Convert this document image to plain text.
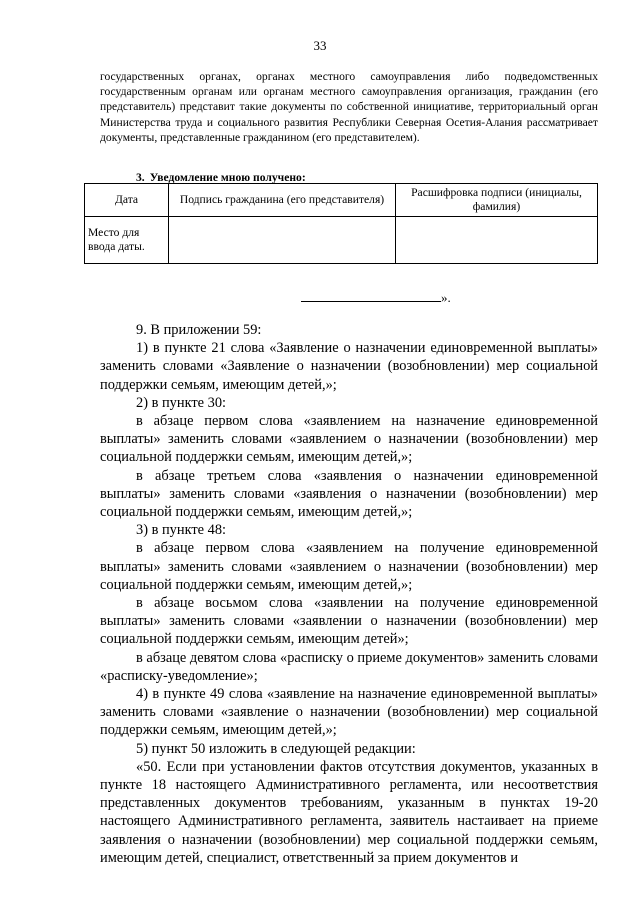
33
государственных органах, органах местного самоуправления либо подведомственных государственным органам или органам местного самоуправления организация, гражданин (его представитель) представит такие документы по собственной инициативе, территориальный орган Министерства труда и социального развития Республики Северная Осетия-Алания рассматривает документы, представленные гражданином (его представителем).
3. Уведомление мною получено:
Дата	Подпись гражданина (его представителя)	Расшифровка подписи (инициалы, фамилия)
Место для ввода даты.		
».

9. В приложении 59:

1) в пункте 21 слова «Заявление о назначении единовременной выплаты» заменить словами «Заявление о назначении (возобновлении) мер социальной поддержки семьям, имеющим детей,»;

2) в пункте 30:

в абзаце первом слова «заявлением на назначение единовременной выплаты» заменить словами «заявлением о назначении (возобновлении) мер социальной поддержки семьям, имеющим детей,»;

в абзаце третьем слова «заявления о назначении единовременной выплаты» заменить словами «заявления о назначении (возобновлении) мер социальной поддержки семьям, имеющим детей,»;

3) в пункте 48:

в абзаце первом слова «заявлением на получение единовременной выплаты» заменить словами «заявлением о назначении (возобновлении) мер социальной поддержки семьям, имеющим детей,»;

в абзаце восьмом слова «заявлении на получение единовременной выплаты» заменить словами «заявлении о назначении (возобновлении) мер социальной поддержки семьям, имеющим детей»;

в абзаце девятом слова «расписку о приеме документов» заменить словами «расписку-уведомление»;

4) в пункте 49 слова «заявление на назначение единовременной выплаты» заменить словами «заявление о назначении (возобновлении) мер социальной поддержки семьям, имеющим детей,»;

5) пункт 50 изложить в следующей редакции:

«50. Если при установлении фактов отсутствия документов, указанных в пункте 18 настоящего Административного регламента, или несоответствия представленных документов требованиям, указанным в пунктах 19-20 настоящего Административного регламента, заявитель настаивает на приеме заявления о назначении (возобновлении) мер социальной поддержки семьям, имеющим детей, специалист, ответственный за прием документов и
